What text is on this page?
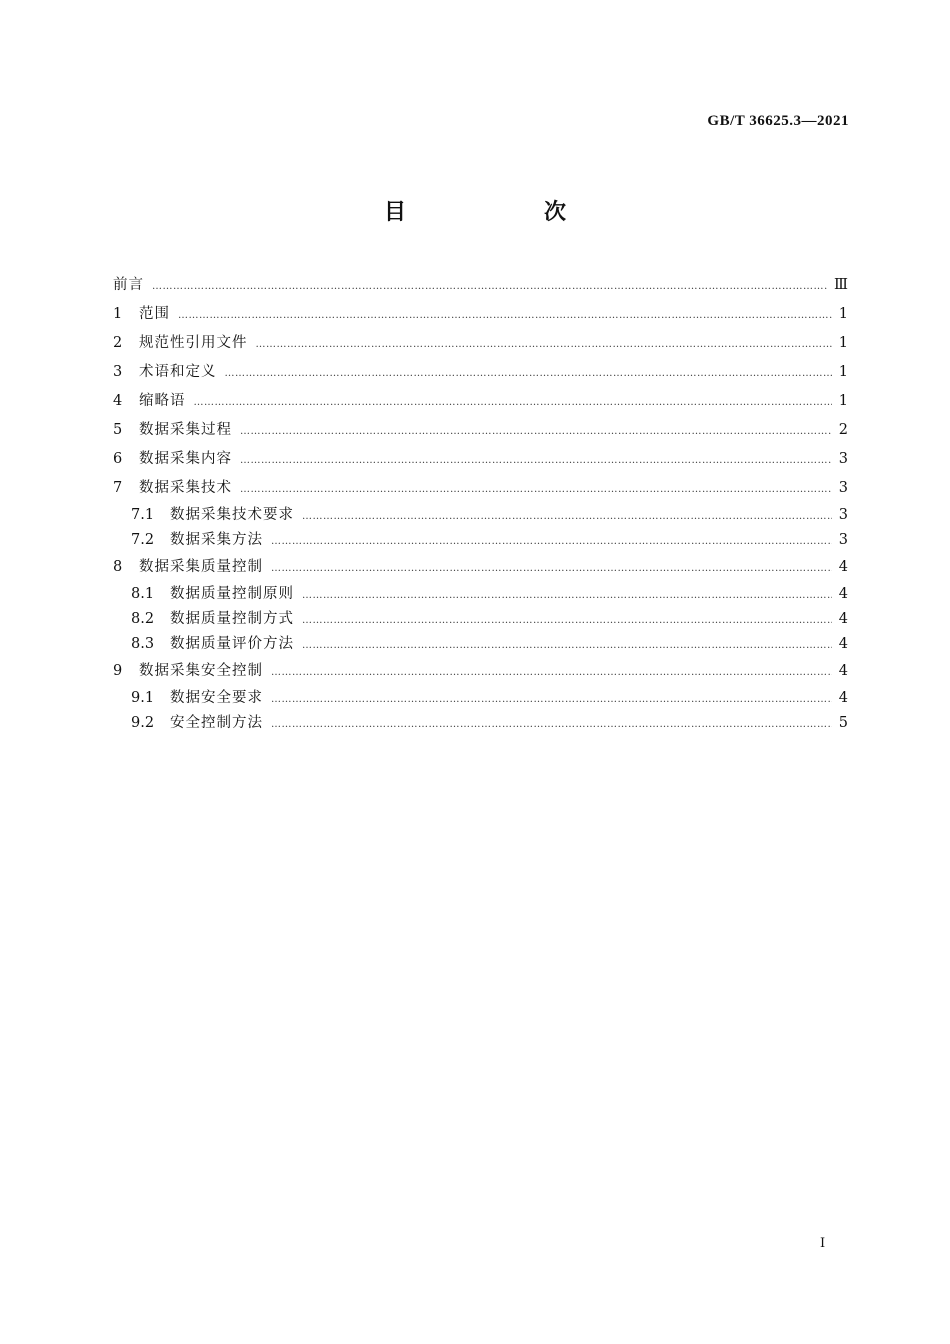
GB/T 36625.3—2021
目　次
前言 …………………………………………………………………………………………………………………………………………………………………………………………………………………………………………	Ⅲ
1	范围 …………………………………………………………………………………………………………………………………………………………………………………………………………………………………………	1
2	规范性引用文件 …………………………………………………………………………………………………………………………………………………………………………………………………………………………………………	1
3	术语和定义 …………………………………………………………………………………………………………………………………………………………………………………………………………………………………………	1
4	缩略语 …………………………………………………………………………………………………………………………………………………………………………………………………………………………………………	1
5	数据采集过程 …………………………………………………………………………………………………………………………………………………………………………………………………………………………………………	2
6	数据采集内容 …………………………………………………………………………………………………………………………………………………………………………………………………………………………………………	3
7	数据采集技术 …………………………………………………………………………………………………………………………………………………………………………………………………………………………………………	3
7.1	数据采集技术要求 …………………………………………………………………………………………………………………………………………………………………………………………………………………………………………	3
7.2	数据采集方法 …………………………………………………………………………………………………………………………………………………………………………………………………………………………………………	3
8	数据采集质量控制 …………………………………………………………………………………………………………………………………………………………………………………………………………………………………………	4
8.1	数据质量控制原则 …………………………………………………………………………………………………………………………………………………………………………………………………………………………………………	4
8.2	数据质量控制方式 …………………………………………………………………………………………………………………………………………………………………………………………………………………………………………	4
8.3	数据质量评价方法 …………………………………………………………………………………………………………………………………………………………………………………………………………………………………………	4
9	数据采集安全控制 …………………………………………………………………………………………………………………………………………………………………………………………………………………………………………	4
9.1	数据安全要求 …………………………………………………………………………………………………………………………………………………………………………………………………………………………………………	4
9.2	安全控制方法 …………………………………………………………………………………………………………………………………………………………………………………………………………………………………………	5
I
